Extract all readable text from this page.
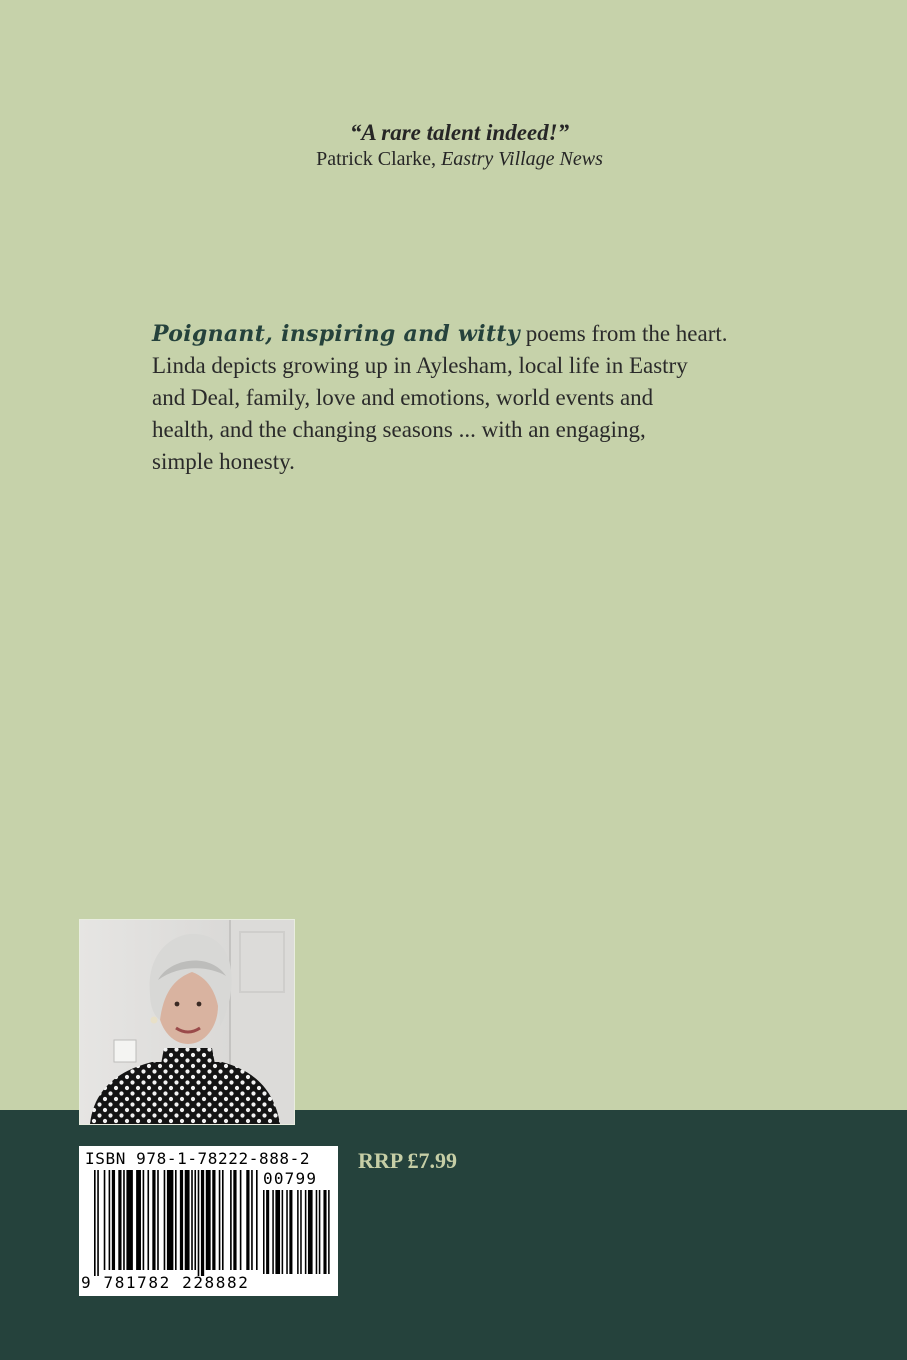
“A rare talent indeed!”
Patrick Clarke, Eastry Village News
Poignant, inspiring and witty poems from the heart.
Linda depicts growing up in Aylesham, local life in Eastry
and Deal, family, love and emotions, world events and
health, and the changing seasons ... with an engaging,
simple honesty.
ISBN 978-1-78222-888-2
00799
9 781782 228882
RRP £7.99
